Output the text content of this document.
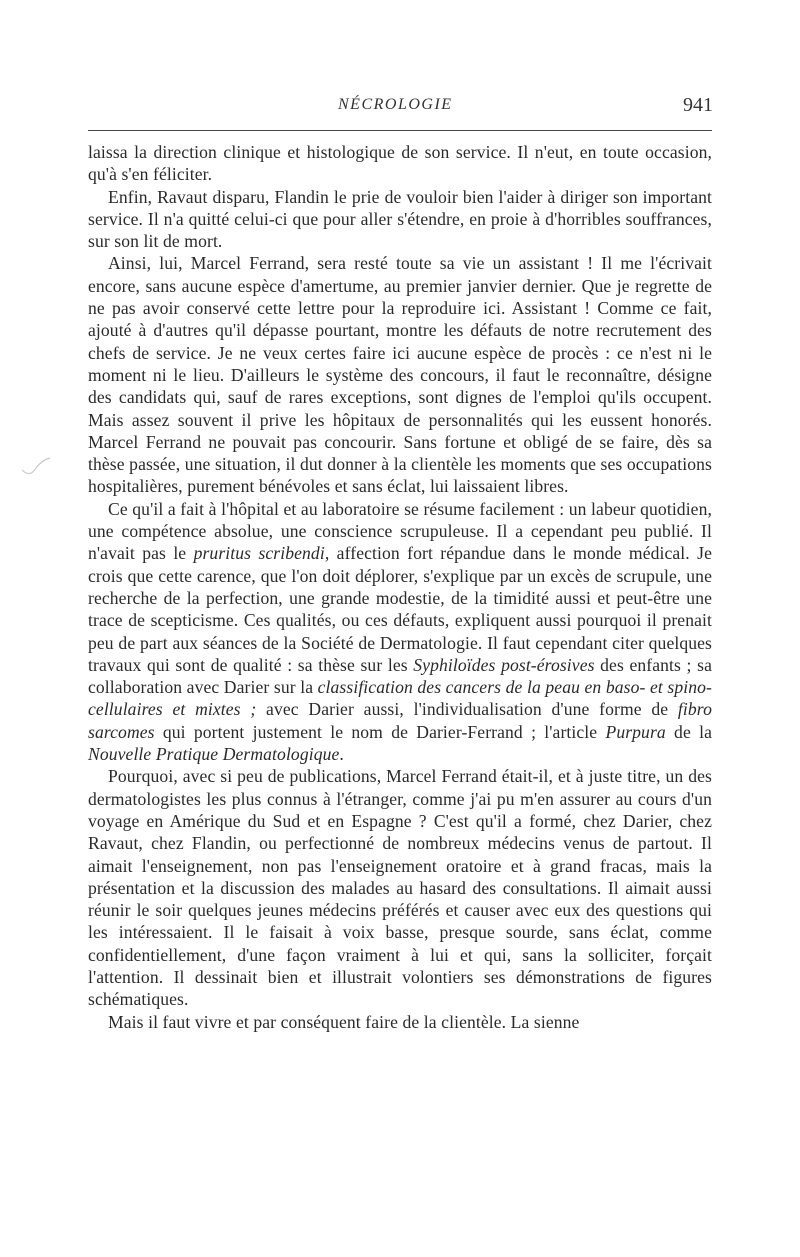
NÉCROLOGIE	941

laissa la direction clinique et histologique de son service. Il n'eut, en toute occasion, qu'à s'en féliciter.

Enfin, Ravaut disparu, Flandin le prie de vouloir bien l'aider à diriger son important service. Il n'a quitté celui-ci que pour aller s'étendre, en proie à d'horribles souffrances, sur son lit de mort.

Ainsi, lui, Marcel Ferrand, sera resté toute sa vie un assistant ! Il me l'écrivait encore, sans aucune espèce d'amertume, au premier janvier dernier. Que je regrette de ne pas avoir conservé cette lettre pour la reproduire ici. Assistant ! Comme ce fait, ajouté à d'autres qu'il dépasse pourtant, montre les défauts de notre recrutement des chefs de service. Je ne veux certes faire ici aucune espèce de procès : ce n'est ni le moment ni le lieu. D'ailleurs le système des concours, il faut le reconnaître, désigne des candidats qui, sauf de rares exceptions, sont dignes de l'emploi qu'ils occupent. Mais assez souvent il prive les hôpitaux de personnalités qui les eussent honorés. Marcel Ferrand ne pouvait pas concourir. Sans fortune et obligé de se faire, dès sa thèse passée, une situation, il dut donner à la clientèle les moments que ses occupations hospitalières, purement bénévoles et sans éclat, lui laissaient libres.

Ce qu'il a fait à l'hôpital et au laboratoire se résume facilement : un labeur quotidien, une compétence absolue, une conscience scrupuleuse. Il a cependant peu publié. Il n'avait pas le pruritus scribendi, affection fort répandue dans le monde médical. Je crois que cette carence, que l'on doit déplorer, s'explique par un excès de scrupule, une recherche de la perfection, une grande modestie, de la timidité aussi et peut-être une trace de scepticisme. Ces qualités, ou ces défauts, expliquent aussi pourquoi il prenait peu de part aux séances de la Société de Dermatologie. Il faut cependant citer quelques travaux qui sont de qualité : sa thèse sur les Syphiloïdes post-érosives des enfants ; sa collaboration avec Darier sur la classification des cancers de la peau en baso- et spino-cellulaires et mixtes ; avec Darier aussi, l'individualisation d'une forme de fibro sarcomes qui portent justement le nom de Darier-Ferrand ; l'article Purpura de la Nouvelle Pratique Dermatologique.

Pourquoi, avec si peu de publications, Marcel Ferrand était-il, et à juste titre, un des dermatologistes les plus connus à l'étranger, comme j'ai pu m'en assurer au cours d'un voyage en Amérique du Sud et en Espagne ? C'est qu'il a formé, chez Darier, chez Ravaut, chez Flandin, ou perfectionné de nombreux médecins venus de partout. Il aimait l'enseignement, non pas l'enseignement oratoire et à grand fracas, mais la présentation et la discussion des malades au hasard des consultations. Il aimait aussi réunir le soir quelques jeunes médecins préférés et causer avec eux des questions qui les intéressaient. Il le faisait à voix basse, presque sourde, sans éclat, comme confidentiellement, d'une façon vraiment à lui et qui, sans la solliciter, forçait l'attention. Il dessinait bien et illustrait volontiers ses démonstrations de figures schématiques.

Mais il faut vivre et par conséquent faire de la clientèle. La sienne
